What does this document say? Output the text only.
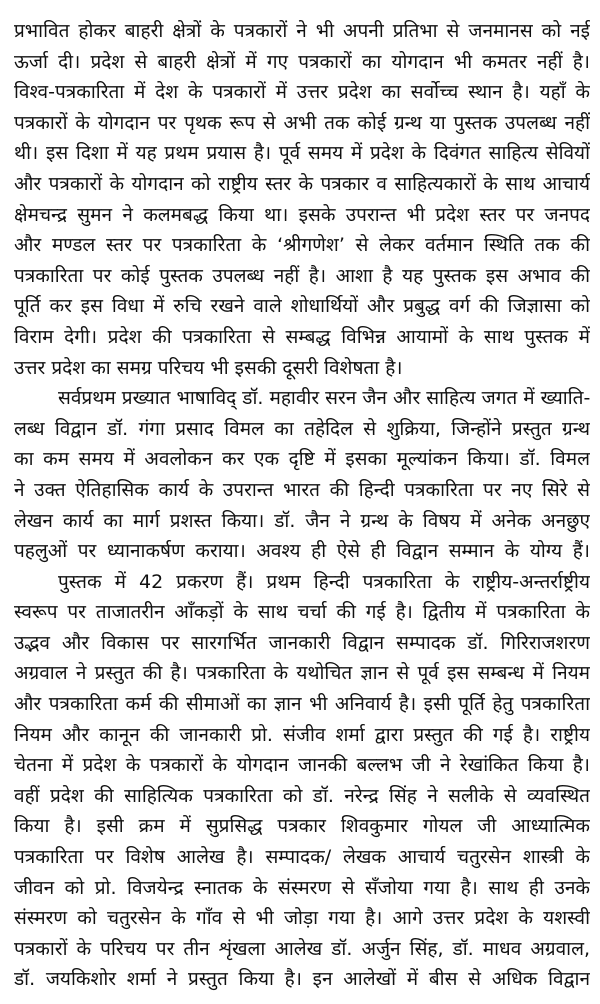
प्रभावित होकर बाहरी क्षेत्रों के पत्रकारों ने भी अपनी प्रतिभा से जनमानस को नई
ऊर्जा दी। प्रदेश से बाहरी क्षेत्रों में गए पत्रकारों का योगदान भी कमतर नहीं है।
विश्व-पत्रकारिता में देश के पत्रकारों में उत्तर प्रदेश का सर्वोच्च स्थान है। यहाँ के
पत्रकारों के योगदान पर पृथक रूप से अभी तक कोई ग्रन्थ या पुस्तक उपलब्ध नहीं
थी। इस दिशा में यह प्रथम प्रयास है। पूर्व समय में प्रदेश के दिवंगत साहित्य सेवियों
और पत्रकारों के योगदान को राष्ट्रीय स्तर के पत्रकार व साहित्यकारों के साथ आचार्य
क्षेमचन्द्र सुमन ने कलमबद्ध किया था। इसके उपरान्त भी प्रदेश स्तर पर जनपद
और मण्डल स्तर पर पत्रकारिता के ‘श्रीगणेश’ से लेकर वर्तमान स्थिति तक की
पत्रकारिता पर कोई पुस्तक उपलब्ध नहीं है। आशा है यह पुस्तक इस अभाव की
पूर्ति कर इस विधा में रुचि रखने वाले शोधार्थियों और प्रबुद्ध वर्ग की जिज्ञासा को
विराम देगी। प्रदेश की पत्रकारिता से सम्बद्ध विभिन्न आयामों के साथ पुस्तक में
उत्तर प्रदेश का समग्र परिचय भी इसकी दूसरी विशेषता है।
सर्वप्रथम प्रख्यात भाषाविद् डॉ. महावीर सरन जैन और साहित्य जगत में ख्याति-
लब्ध विद्वान डॉ. गंगा प्रसाद विमल का तहेदिल से शुक्रिया, जिन्होंने प्रस्तुत ग्रन्थ
का कम समय में अवलोकन कर एक दृष्टि में इसका मूल्यांकन किया। डॉ. विमल
ने उक्त ऐतिहासिक कार्य के उपरान्त भारत की हिन्दी पत्रकारिता पर नए सिरे से
लेखन कार्य का मार्ग प्रशस्त किया। डॉ. जैन ने ग्रन्थ के विषय में अनेक अनछुए
पहलुओं पर ध्यानाकर्षण कराया। अवश्य ही ऐसे ही विद्वान सम्मान के योग्य हैं।
पुस्तक में 42 प्रकरण हैं। प्रथम हिन्दी पत्रकारिता के राष्ट्रीय-अन्तर्राष्ट्रीय
स्वरूप पर ताजातरीन आँकड़ों के साथ चर्चा की गई है। द्वितीय में पत्रकारिता के
उद्भव और विकास पर सारगर्भित जानकारी विद्वान सम्पादक डॉ. गिरिराजशरण
अग्रवाल ने प्रस्तुत की है। पत्रकारिता के यथोचित ज्ञान से पूर्व इस सम्बन्ध में नियम
और पत्रकारिता कर्म की सीमाओं का ज्ञान भी अनिवार्य है। इसी पूर्ति हेतु पत्रकारिता
नियम और कानून की जानकारी प्रो. संजीव शर्मा द्वारा प्रस्तुत की गई है। राष्ट्रीय
चेतना में प्रदेश के पत्रकारों के योगदान जानकी बल्लभ जी ने रेखांकित किया है।
वहीं प्रदेश की साहित्यिक पत्रकारिता को डॉ. नरेन्द्र सिंह ने सलीके से व्यवस्थित
किया है। इसी क्रम में सुप्रसिद्ध पत्रकार शिवकुमार गोयल जी आध्यात्मिक
पत्रकारिता पर विशेष आलेख है। सम्पादक/ लेखक आचार्य चतुरसेन शास्त्री के
जीवन को प्रो. विजयेन्द्र स्नातक के संस्मरण से सँजोया गया है। साथ ही उनके
संस्मरण को चतुरसेन के गाँव से भी जोड़ा गया है। आगे उत्तर प्रदेश के यशस्वी
पत्रकारों के परिचय पर तीन शृंखला आलेख डॉ. अर्जुन सिंह, डॉ. माधव अग्रवाल,
डॉ. जयकिशोर शर्मा ने प्रस्तुत किया है। इन आलेखों में बीस से अधिक विद्वान
